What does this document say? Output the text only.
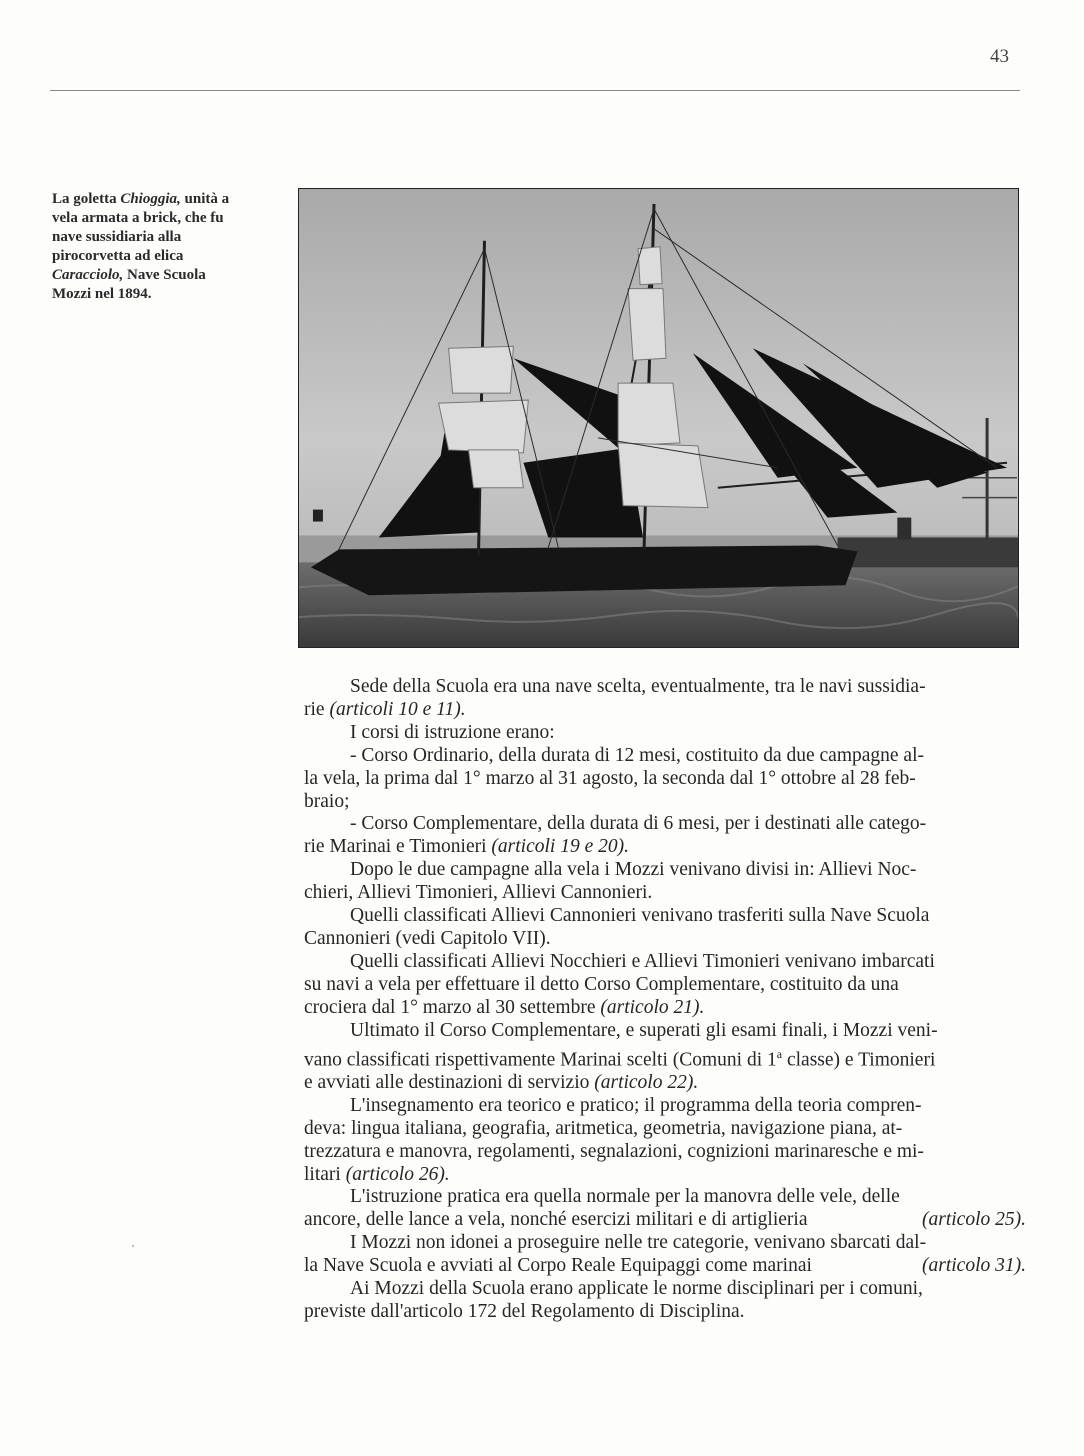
43
La goletta Chioggia, unità a
vela armata a brick, che fu
nave sussidiaria alla
pirocorvetta ad elica
Caracciolo, Nave Scuola
Mozzi nel 1894.
Sede della Scuola era una nave scelta, eventualmente, tra le navi sussidia-
rie
(articoli 10 e 11).
I corsi di istruzione erano:
- Corso Ordinario, della durata di 12 mesi, costituito da due campagne al-
la vela, la prima dal 1° marzo al 31 agosto, la seconda dal 1° ottobre al 28 feb-
braio;
- Corso Complementare, della durata di 6 mesi, per i destinati alle catego-
rie Marinai e Timonieri
(articoli 19 e 20).
Dopo le due campagne alla vela i Mozzi venivano divisi in: Allievi Noc-
chieri, Allievi Timonieri, Allievi Cannonieri.
Quelli classificati Allievi Cannonieri venivano trasferiti sulla Nave Scuola
Cannonieri (vedi Capitolo VII).
Quelli classificati Allievi Nocchieri e Allievi Timonieri venivano imbarcati
su navi a vela per effettuare il detto Corso Complementare, costituito da una
crociera dal 1° marzo al 30 settembre
(articolo 21).
Ultimato il Corso Complementare, e superati gli esami finali, i Mozzi veni-
vano classificati rispettivamente Marinai scelti (Comuni di 1$^a$ classe) e Timonieri
e avviati alle destinazioni di servizio
(articolo 22).
L'insegnamento era teorico e pratico; il programma della teoria compren-
deva: lingua italiana, geografia, aritmetica, geometria, navigazione piana, at-
trezzatura e manovra, regolamenti, segnalazioni, cognizioni marinaresche e mi-
litari
(articolo 26).
L'istruzione pratica era quella normale per la manovra delle vele, delle
ancore, delle lance a vela, nonché esercizi militari e di artiglieria	(articolo 25).
I Mozzi non idonei a proseguire nelle tre categorie, venivano sbarcati dal-
la Nave Scuola e avviati al Corpo Reale Equipaggi come marinai	(articolo 31).
Ai Mozzi della Scuola erano applicate le norme disciplinari per i comuni,
previste dall'articolo 172 del Regolamento di Disciplina.
